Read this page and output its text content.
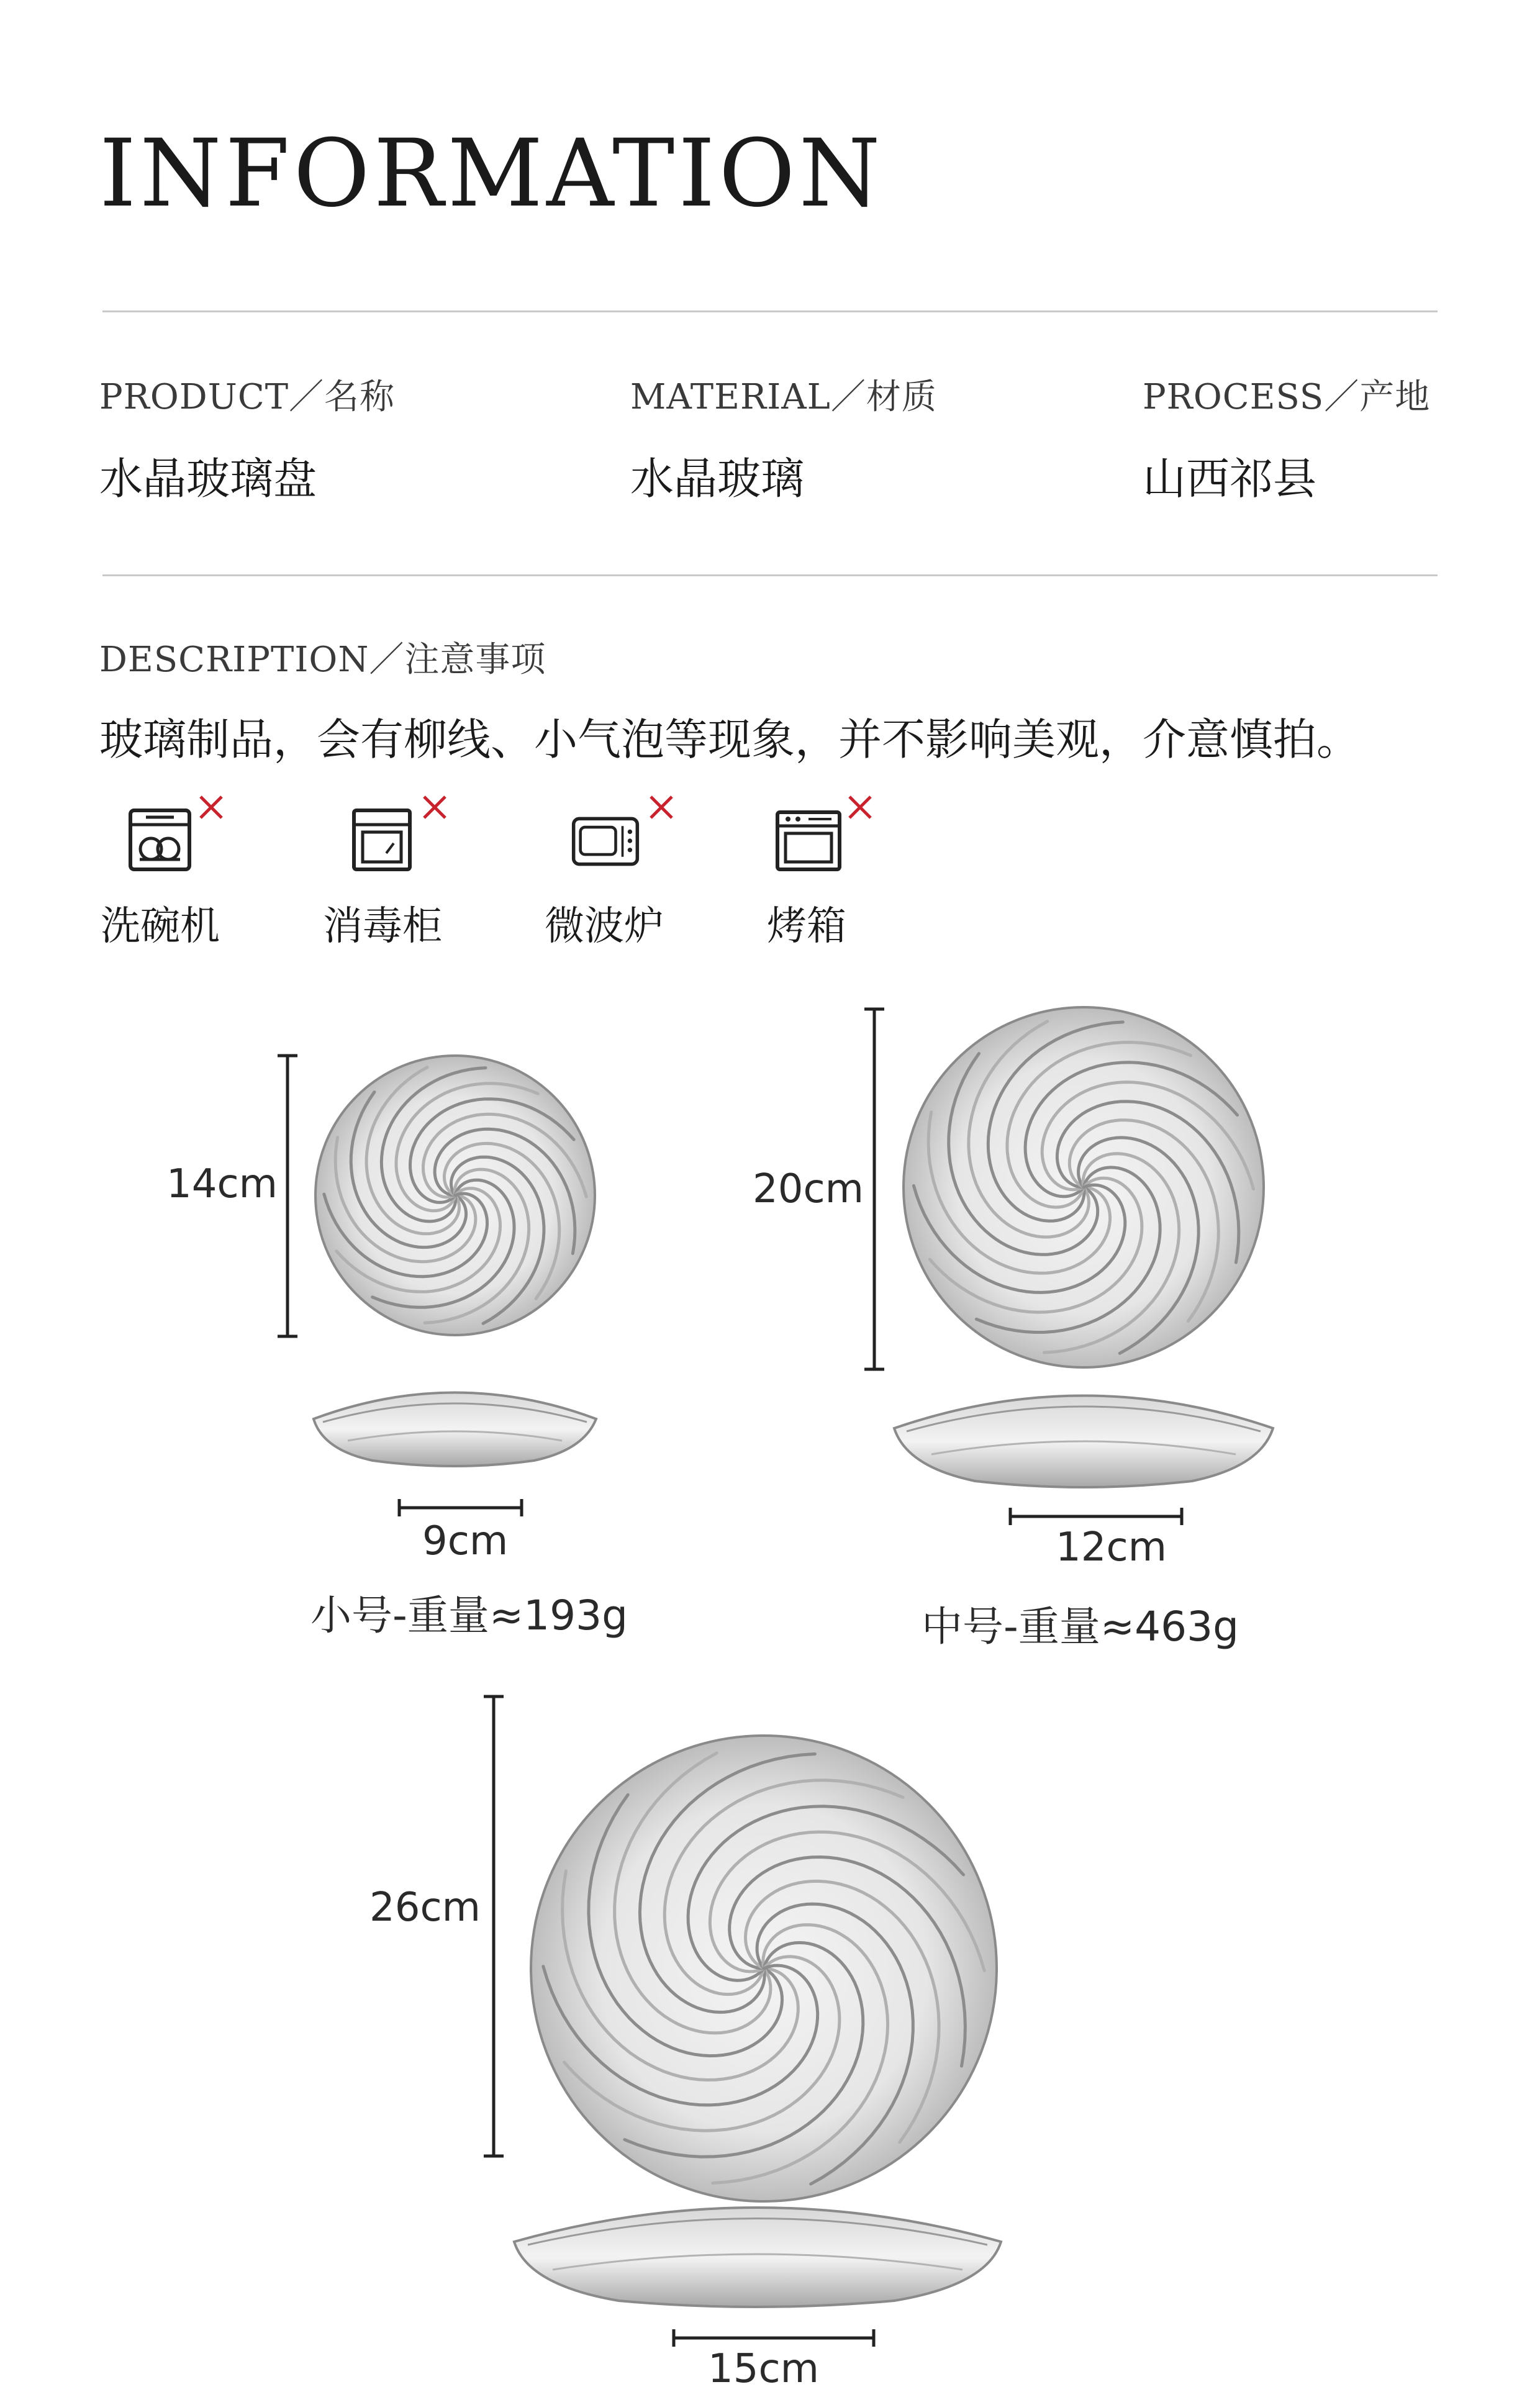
INFORMATION
PRODUCT／名称
水晶玻璃盘
MATERIAL／材质
水晶玻璃
PROCESS／产地
山西祁县
DESCRIPTION／注意事项
玻璃制品，会有柳线、小气泡等现象，并不影响美观，介意慎拍。
洗碗机	消毒柜	微波炉	烤箱
14cm
9cm
小号-重量≈193g
20cm
12cm
中号-重量≈463g
26cm
15cm
